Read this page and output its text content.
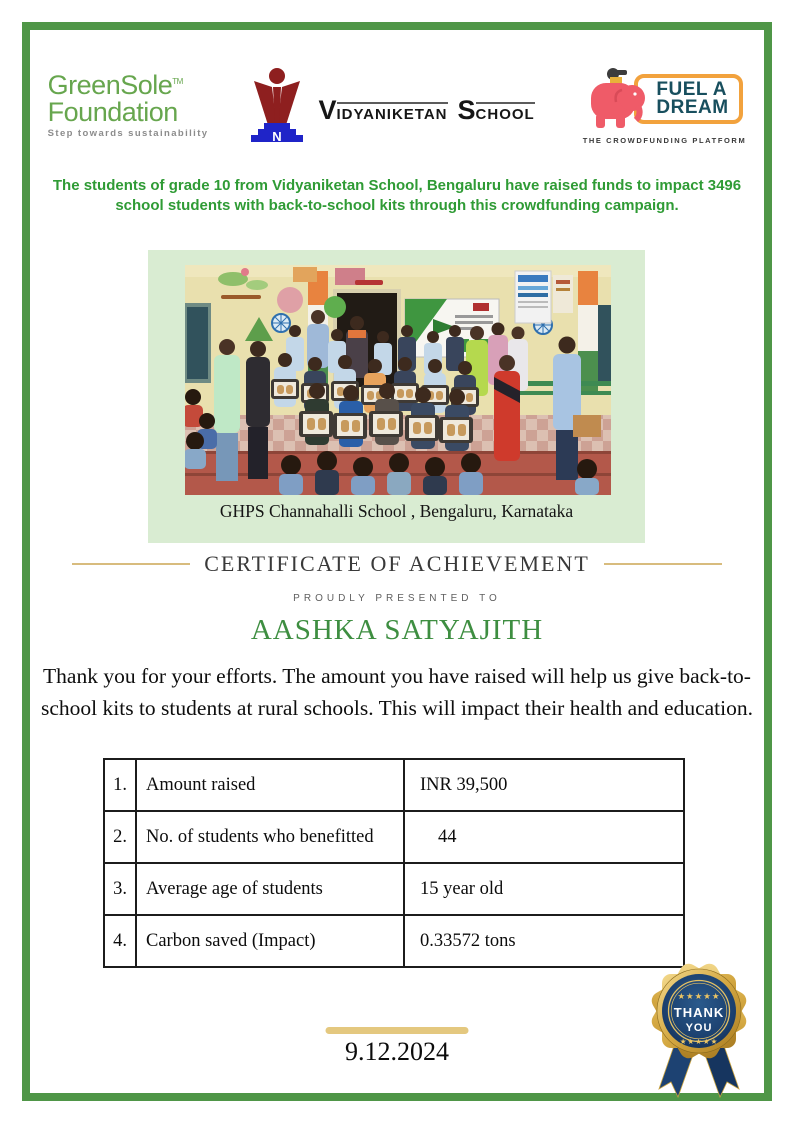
GreenSole™
Foundation
Step towards sustainability	N
VIDYANIKETAN SCHOOL
FUEL A
DREAM
THE CROWDFUNDING PLATFORM
The students of grade 10 from Vidyaniketan School, Bengaluru have raised funds to impact 3496 school students with back-to-school kits through this crowdfunding campaign.
GHPS Channahalli School , Bengaluru, Karnataka
CERTIFICATE OF ACHIEVEMENT
PROUDLY PRESENTED TO
AASHKA SATYAJITH
Thank you for your efforts. The amount you have raised will help us give back-to-school kits to students at rural schools. This will impact their health and education.
1.	Amount raised	INR 39,500
2.	No. of students who benefitted	44
3.	Average age of students	15 year old
4.	Carbon saved (Impact)	0.33572 tons
9.12.2024
★★★★★
THANK
YOU
★★★★★
